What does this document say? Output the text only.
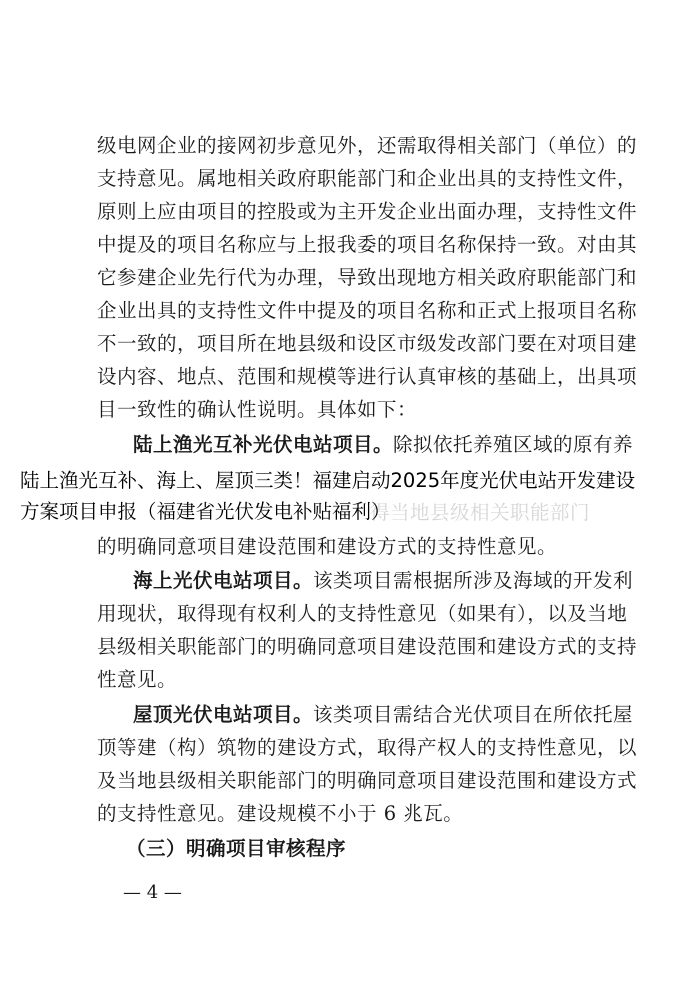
级电网企业的接网初步意见外，还需取得相关部门（单位）的
支持意见。属地相关政府职能部门和企业出具的支持性文件，
原则上应由项目的控股或为主开发企业出面办理，支持性文件
中提及的项目名称应与上报我委的项目名称保持一致。对由其
它参建企业先行代为办理，导致出现地方相关政府职能部门和
企业出具的支持性文件中提及的项目名称和正式上报项目名称
不一致的，项目所在地县级和设区市级发改部门要在对项目建
设内容、地点、范围和规模等进行认真审核的基础上，出具项
目一致性的确认性说明。具体如下：
陆上渔光互补光伏电站项目。除拟依托养殖区域的原有养
陆上渔光互补、海上、屋顶三类！福建启动2025年度光伏电站开发建设
方案项目申报（福建省光伏发电补贴福利）
的明确同意项目建设范围和建设方式的支持性意见。
海上光伏电站项目。该类项目需根据所涉及海域的开发利
用现状，取得现有权利人的支持性意见（如果有），以及当地
县级相关职能部门的明确同意项目建设范围和建设方式的支持
性意见。
屋顶光伏电站项目。该类项目需结合光伏项目在所依托屋
顶等建（构）筑物的建设方式，取得产权人的支持性意见，以
及当地县级相关职能部门的明确同意项目建设范围和建设方式
的支持性意见。建设规模不小于 6 兆瓦。
（三）明确项目审核程序
— 4 —
